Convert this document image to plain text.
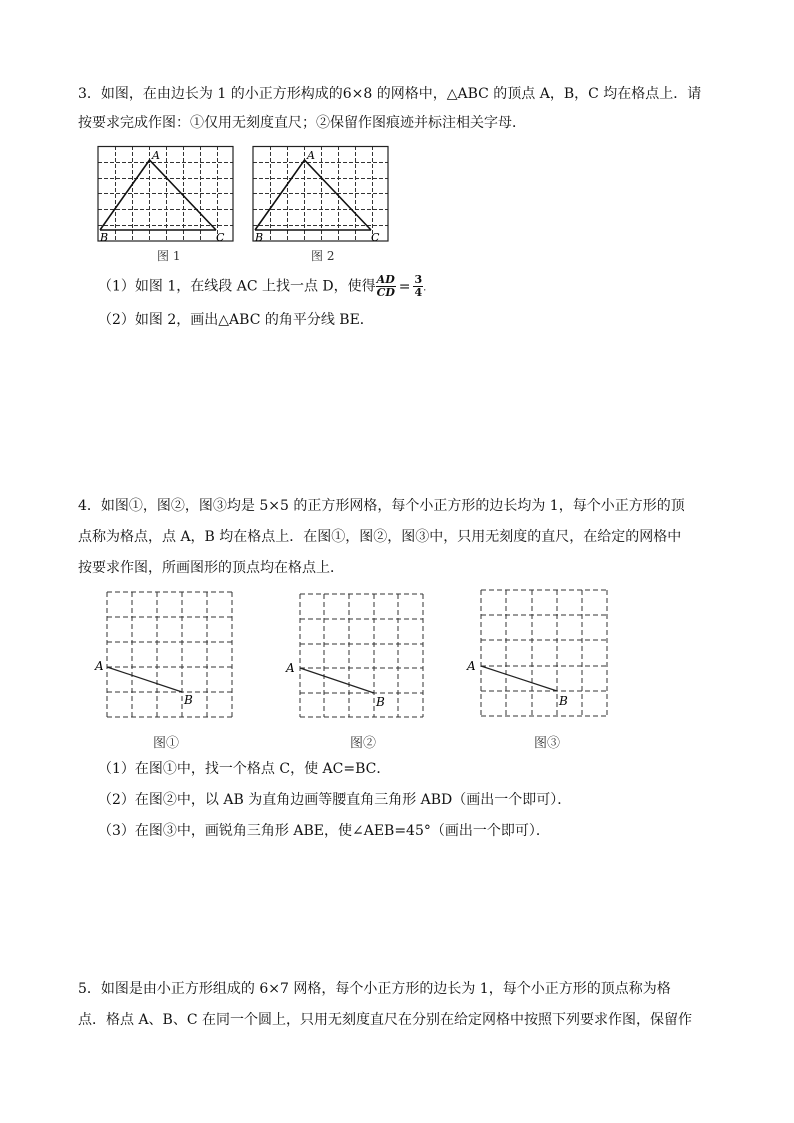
3．如图，在由边长为 1 的小正方形构成的6×8 的网格中，△ABC 的顶点 A，B，C 均在格点上．请
按要求完成作图：①仅用无刻度直尺；②保留作图痕迹并标注相关字母．
A
B	C
图 1
A
B	C
图 2
（1）如图 1，在线段 AC 上找一点 D，使得 $\frac{AD}{CD} = \frac{3}{4}$ .
（2）如图 2，画出△ABC 的角平分线 BE．
4．如图①，图②，图③均是 5×5 的正方形网格，每个小正方形的边长均为 1，每个小正方形的顶
点称为格点，点 A，B 均在格点上．在图①，图②，图③中，只用无刻度的直尺，在给定的网格中
按要求作图，所画图形的顶点均在格点上．
A
B
图①
A
B
图②
A
B
图③
（1）在图①中，找一个格点 C，使 AC=BC．
（2）在图②中，以 AB 为直角边画等腰直角三角形 ABD（画出一个即可）．
（3）在图③中，画锐角三角形 ABE，使∠AEB=45°（画出一个即可）．
5．如图是由小正方形组成的 6×7 网格，每个小正方形的边长为 1，每个小正方形的顶点称为格
点．格点 A、B、C 在同一个圆上，只用无刻度直尺在分别在给定网格中按照下列要求作图，保留作
